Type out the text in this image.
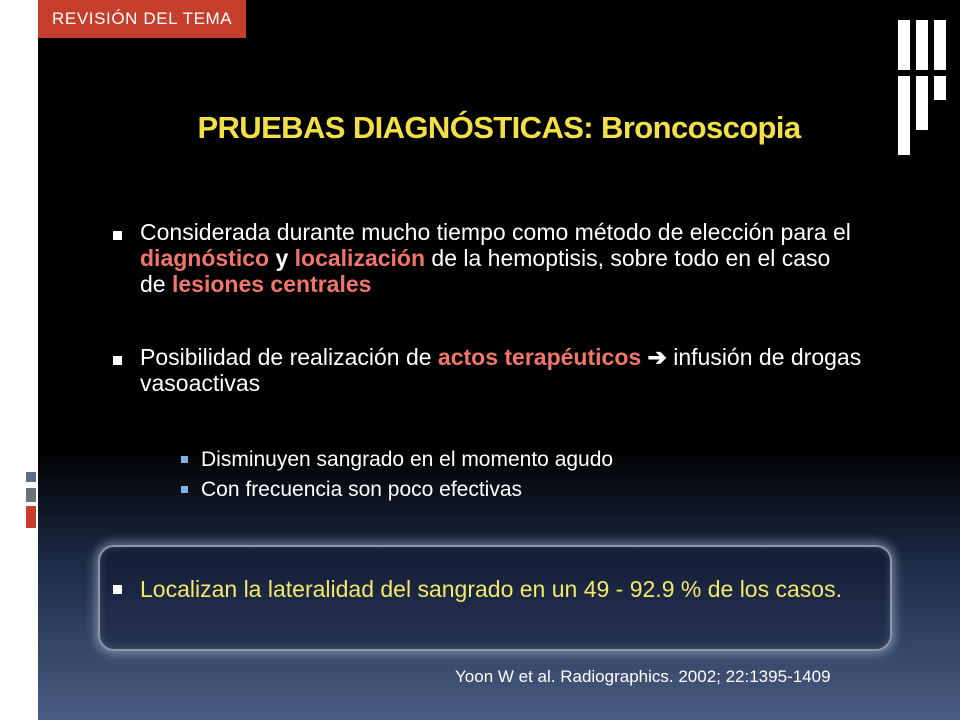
REVISIÓN DEL TEMA
PRUEBAS DIAGNÓSTICAS: Broncoscopia
Considerada durante mucho tiempo como método de elección para el diagnóstico y localización de la hemoptisis, sobre todo en el caso de lesiones centrales
Posibilidad de realización de actos terapéuticos ➔ infusión de drogas vasoactivas
Disminuyen sangrado en el momento agudo
Con frecuencia son poco efectivas
Localizan la lateralidad del sangrado en un 49 - 92.9 % de los casos.
Yoon W et al. Radiographics. 2002; 22:1395-1409
